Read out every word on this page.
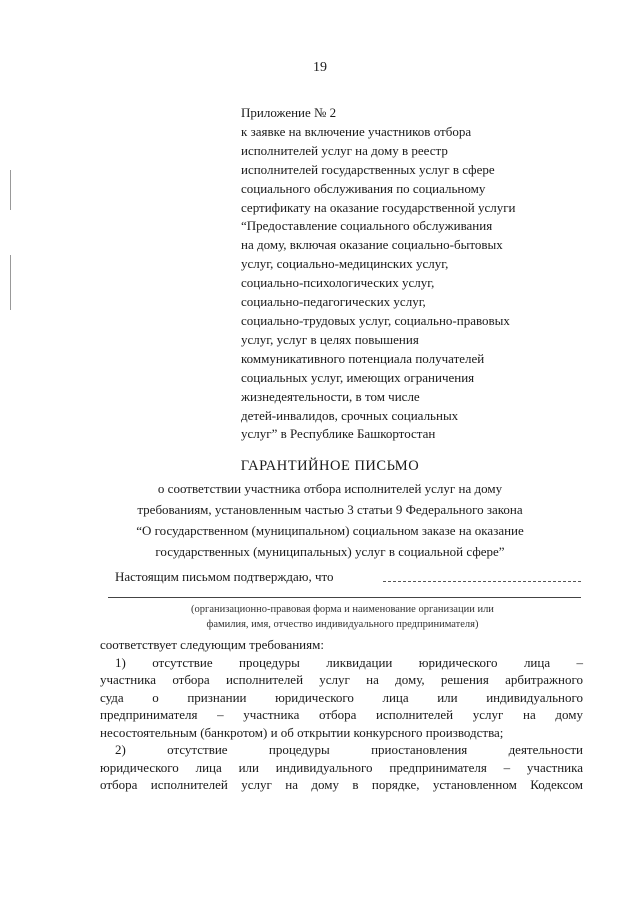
19
Приложение № 2
к заявке на включение участников отбора
исполнителей услуг на дому в реестр
исполнителей государственных услуг в сфере
социального обслуживания по социальному
сертификату на оказание государственной услуги
“Предоставление социального обслуживания
на дому, включая оказание социально-бытовых
услуг, социально-медицинских услуг,
социально-психологических услуг,
социально-педагогических услуг,
социально-трудовых услуг, социально-правовых
услуг, услуг в целях повышения
коммуникативного потенциала получателей
социальных услуг, имеющих ограничения
жизнедеятельности, в том числе
детей-инвалидов, срочных социальных
услуг” в Республике Башкортостан
ГАРАНТИЙНОЕ ПИСЬМО
о соответствии участника отбора исполнителей услуг на дому
требованиям, установленным частью 3 статьи 9 Федерального закона
“О государственном (муниципальном) социальном заказе на оказание
государственных (муниципальных) услуг в социальной сфере”
Настоящим письмом подтверждаю, что
(организационно-правовая форма и наименование организации или
фамилия, имя, отчество индивидуального предпринимателя)
соответствует следующим требованиям:
1) отсутствие процедуры ликвидации юридического лица –
участника отбора исполнителей услуг на дому, решения арбитражного
суда о признании юридического лица или индивидуального
предпринимателя – участника отбора исполнителей услуг на дому
несостоятельным (банкротом) и об открытии конкурсного производства;
2) отсутствие процедуры приостановления деятельности
юридического лица или индивидуального предпринимателя – участника
отбора исполнителей услуг на дому в порядке, установленном Кодексом
